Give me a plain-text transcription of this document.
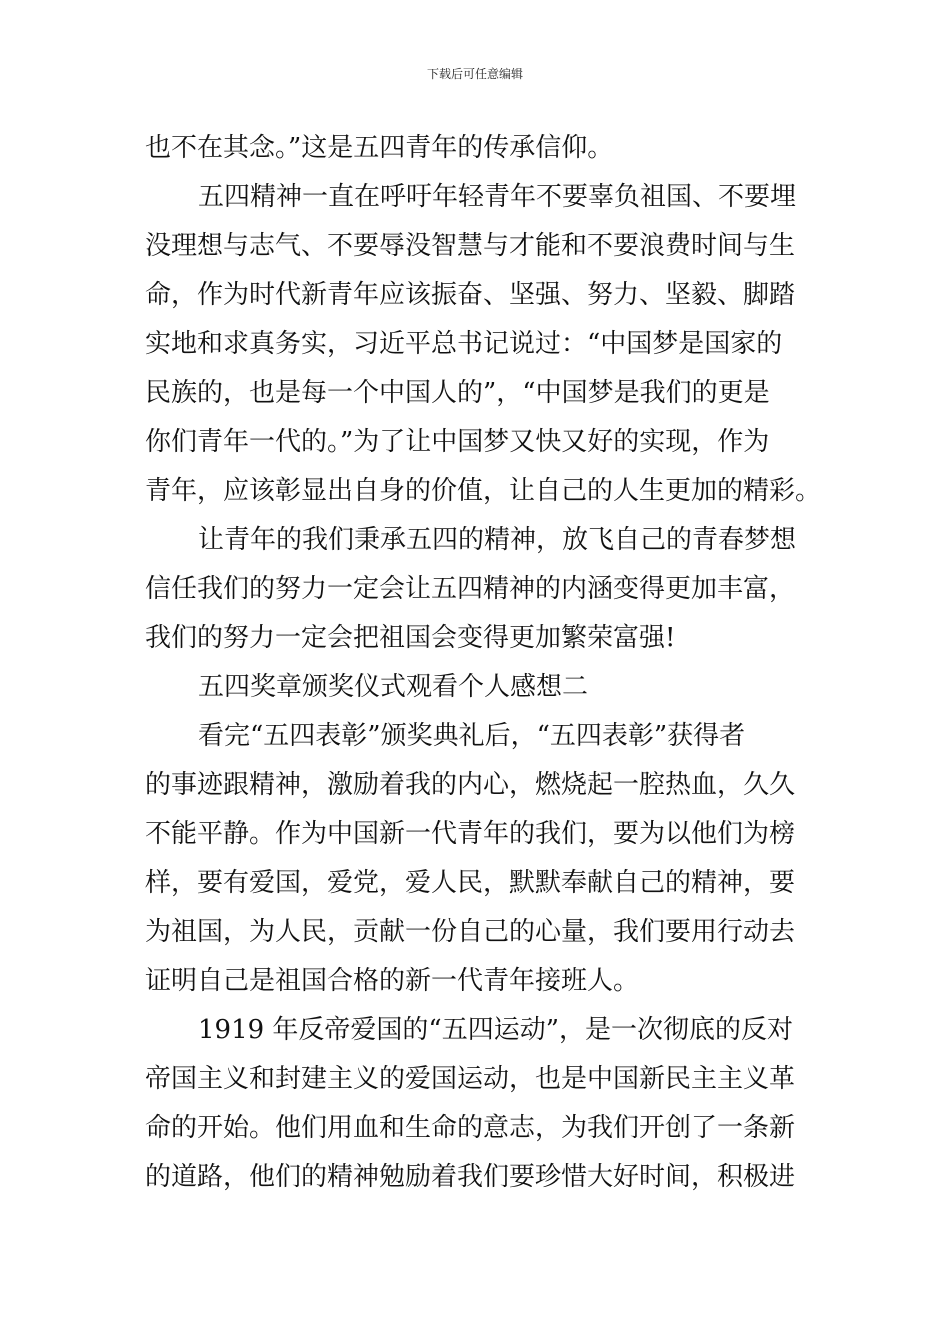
下载后可任意编辑
也不在其念。”这是五四青年的传承信仰。
五四精神一直在呼吁年轻青年不要辜负祖国、不要埋
没理想与志气、不要辱没智慧与才能和不要浪费时间与生
命，作为时代新青年应该振奋、坚强、努力、坚毅、脚踏
实地和求真务实，习近平总书记说过：“中国梦是国家的
民族的，也是每一个中国人的”，“中国梦是我们的更是
你们青年一代的。”为了让中国梦又快又好的实现，作为
青年，应该彰显出自身的价值，让自己的人生更加的精彩。
让青年的我们秉承五四的精神，放飞自己的青春梦想
信任我们的努力一定会让五四精神的内涵变得更加丰富，
我们的努力一定会把祖国会变得更加繁荣富强!
五四奖章颁奖仪式观看个人感想二
看完“五四表彰”颁奖典礼后，“五四表彰”获得者
的事迹跟精神，激励着我的内心，燃烧起一腔热血，久久
不能平静。作为中国新一代青年的我们，要为以他们为榜
样，要有爱国，爱党，爱人民，默默奉献自己的精神，要
为祖国，为人民，贡献一份自己的心量，我们要用行动去
证明自己是祖国合格的新一代青年接班人。
1919 年反帝爱国的“五四运动”，是一次彻底的反对
帝国主义和封建主义的爱国运动，也是中国新民主主义革
命的开始。他们用血和生命的意志，为我们开创了一条新
的道路，他们的精神勉励着我们要珍惜大好时间，积极进
